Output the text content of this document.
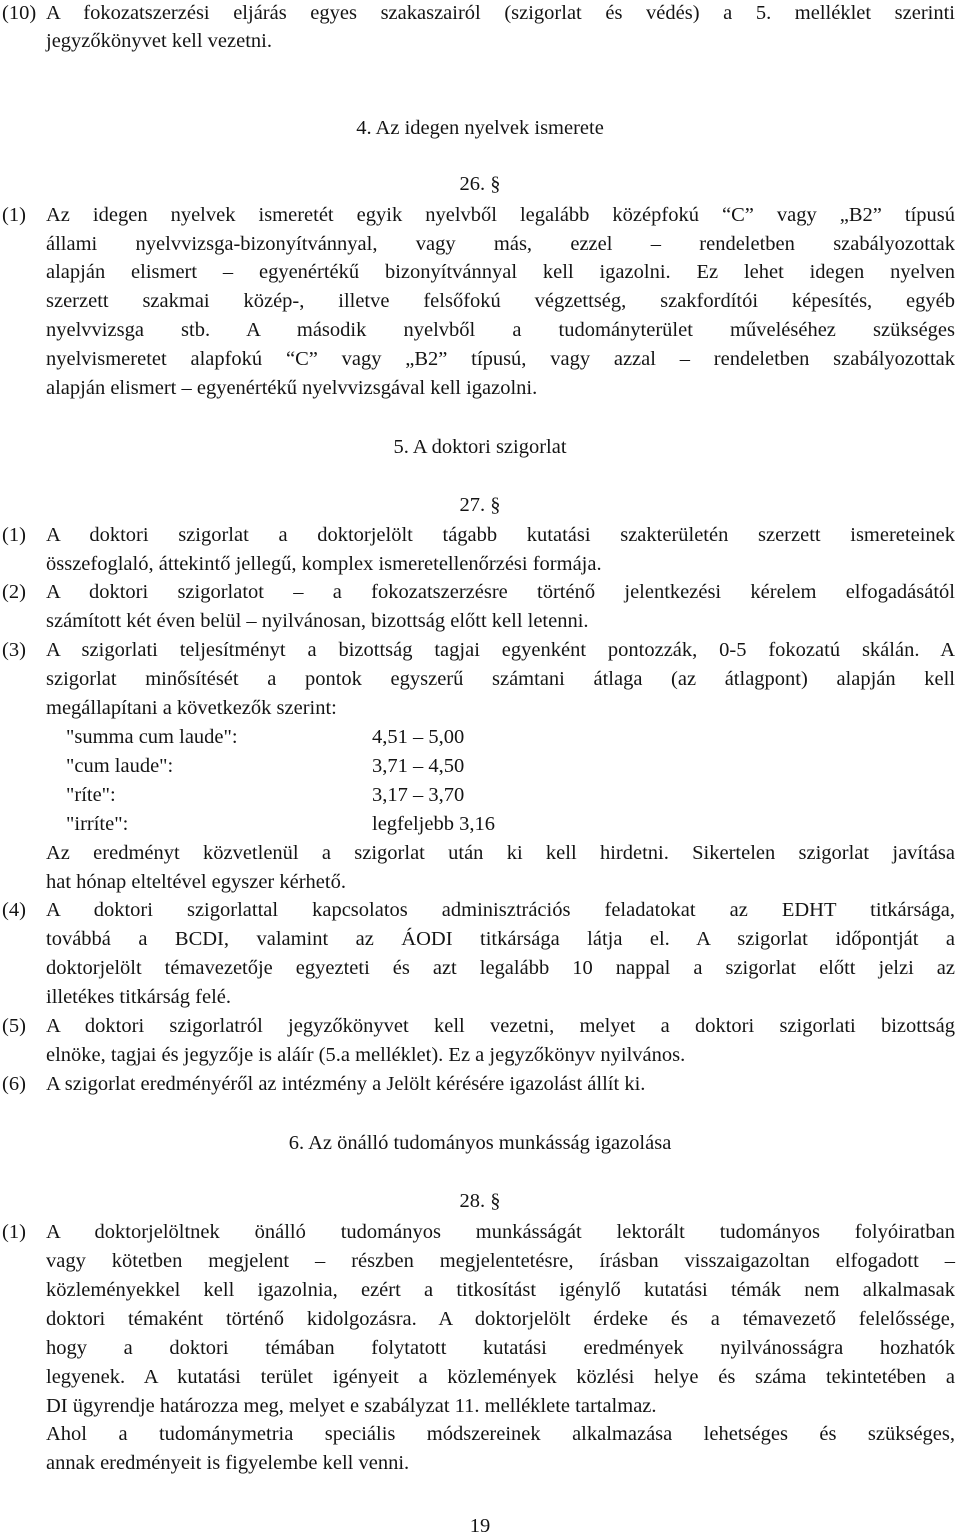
(10) A fokozatszerzési eljárás egyes szakaszairól (szigorlat és védés) a 5. melléklet szerinti
jegyzőkönyvet kell vezetni.
4. Az idegen nyelvek ismerete
26. §
(1) Az idegen nyelvek ismeretét egyik nyelvből legalább középfokú “C” vagy „B2” típusú
állami nyelvvizsga-bizonyítvánnyal, vagy más, ezzel – rendeletben szabályozottak
alapján elismert – egyenértékű bizonyítvánnyal kell igazolni. Ez lehet idegen nyelven
szerzett szakmai közép-, illetve felsőfokú végzettség, szakfordítói képesítés, egyéb
nyelvvizsga stb. A második nyelvből a tudományterület műveléséhez szükséges
nyelvismeretet alapfokú “C” vagy „B2” típusú, vagy azzal – rendeletben szabályozottak
alapján elismert – egyenértékű nyelvvizsgával kell igazolni.
5. A doktori szigorlat
27. §
(1) A doktori szigorlat a doktorjelölt tágabb kutatási szakterületén szerzett ismereteinek
összefoglaló, áttekintő jellegű, komplex ismeretellenőrzési formája.
(2) A doktori szigorlatot – a fokozatszerzésre történő jelentkezési kérelem elfogadásától
számított két éven belül – nyilvánosan, bizottság előtt kell letenni.
(3) A szigorlati teljesítményt a bizottság tagjai egyenként pontozzák, 0-5 fokozatú skálán. A
szigorlat minősítését a pontok egyszerű számtani átlaga (az átlagpont) alapján kell
megállapítani a következők szerint:
"summa cum laude":	4,51 – 5,00
"cum laude":	3,71 – 4,50
"ríte":	3,17 – 3,70
"irríte":	legfeljebb 3,16
Az eredményt közvetlenül a szigorlat után ki kell hirdetni. Sikertelen szigorlat javítása
hat hónap elteltével egyszer kérhető.
(4) A doktori szigorlattal kapcsolatos adminisztrációs feladatokat az EDHT titkársága,
továbbá a BCDI, valamint az ÁODI titkársága látja el. A szigorlat időpontját a
doktorjelölt témavezetője egyezteti és azt legalább 10 nappal a szigorlat előtt jelzi az
illetékes titkárság felé.
(5) A doktori szigorlatról jegyzőkönyvet kell vezetni, melyet a doktori szigorlati bizottság
elnöke, tagjai és jegyzője is aláír (5.a melléklet). Ez a jegyzőkönyv nyilvános.
(6) A szigorlat eredményéről az intézmény a Jelölt kérésére igazolást állít ki.
6. Az önálló tudományos munkásság igazolása
28. §
(1) A doktorjelöltnek önálló tudományos munkásságát lektorált tudományos folyóiratban
vagy kötetben megjelent – részben megjelentetésre, írásban visszaigazoltan elfogadott –
közleményekkel kell igazolnia, ezért a titkosítást igénylő kutatási témák nem alkalmasak
doktori témaként történő kidolgozásra. A doktorjelölt érdeke és a témavezető felelőssége,
hogy a doktori témában folytatott kutatási eredmények nyilvánosságra hozhatók
legyenek. A kutatási terület igényeit a közlemények közlési helye és száma tekintetében a
DI ügyrendje határozza meg, melyet e szabályzat 11. melléklete tartalmaz.
Ahol a tudománymetria speciális módszereinek alkalmazása lehetséges és szükséges,
annak eredményeit is figyelembe kell venni.
19
